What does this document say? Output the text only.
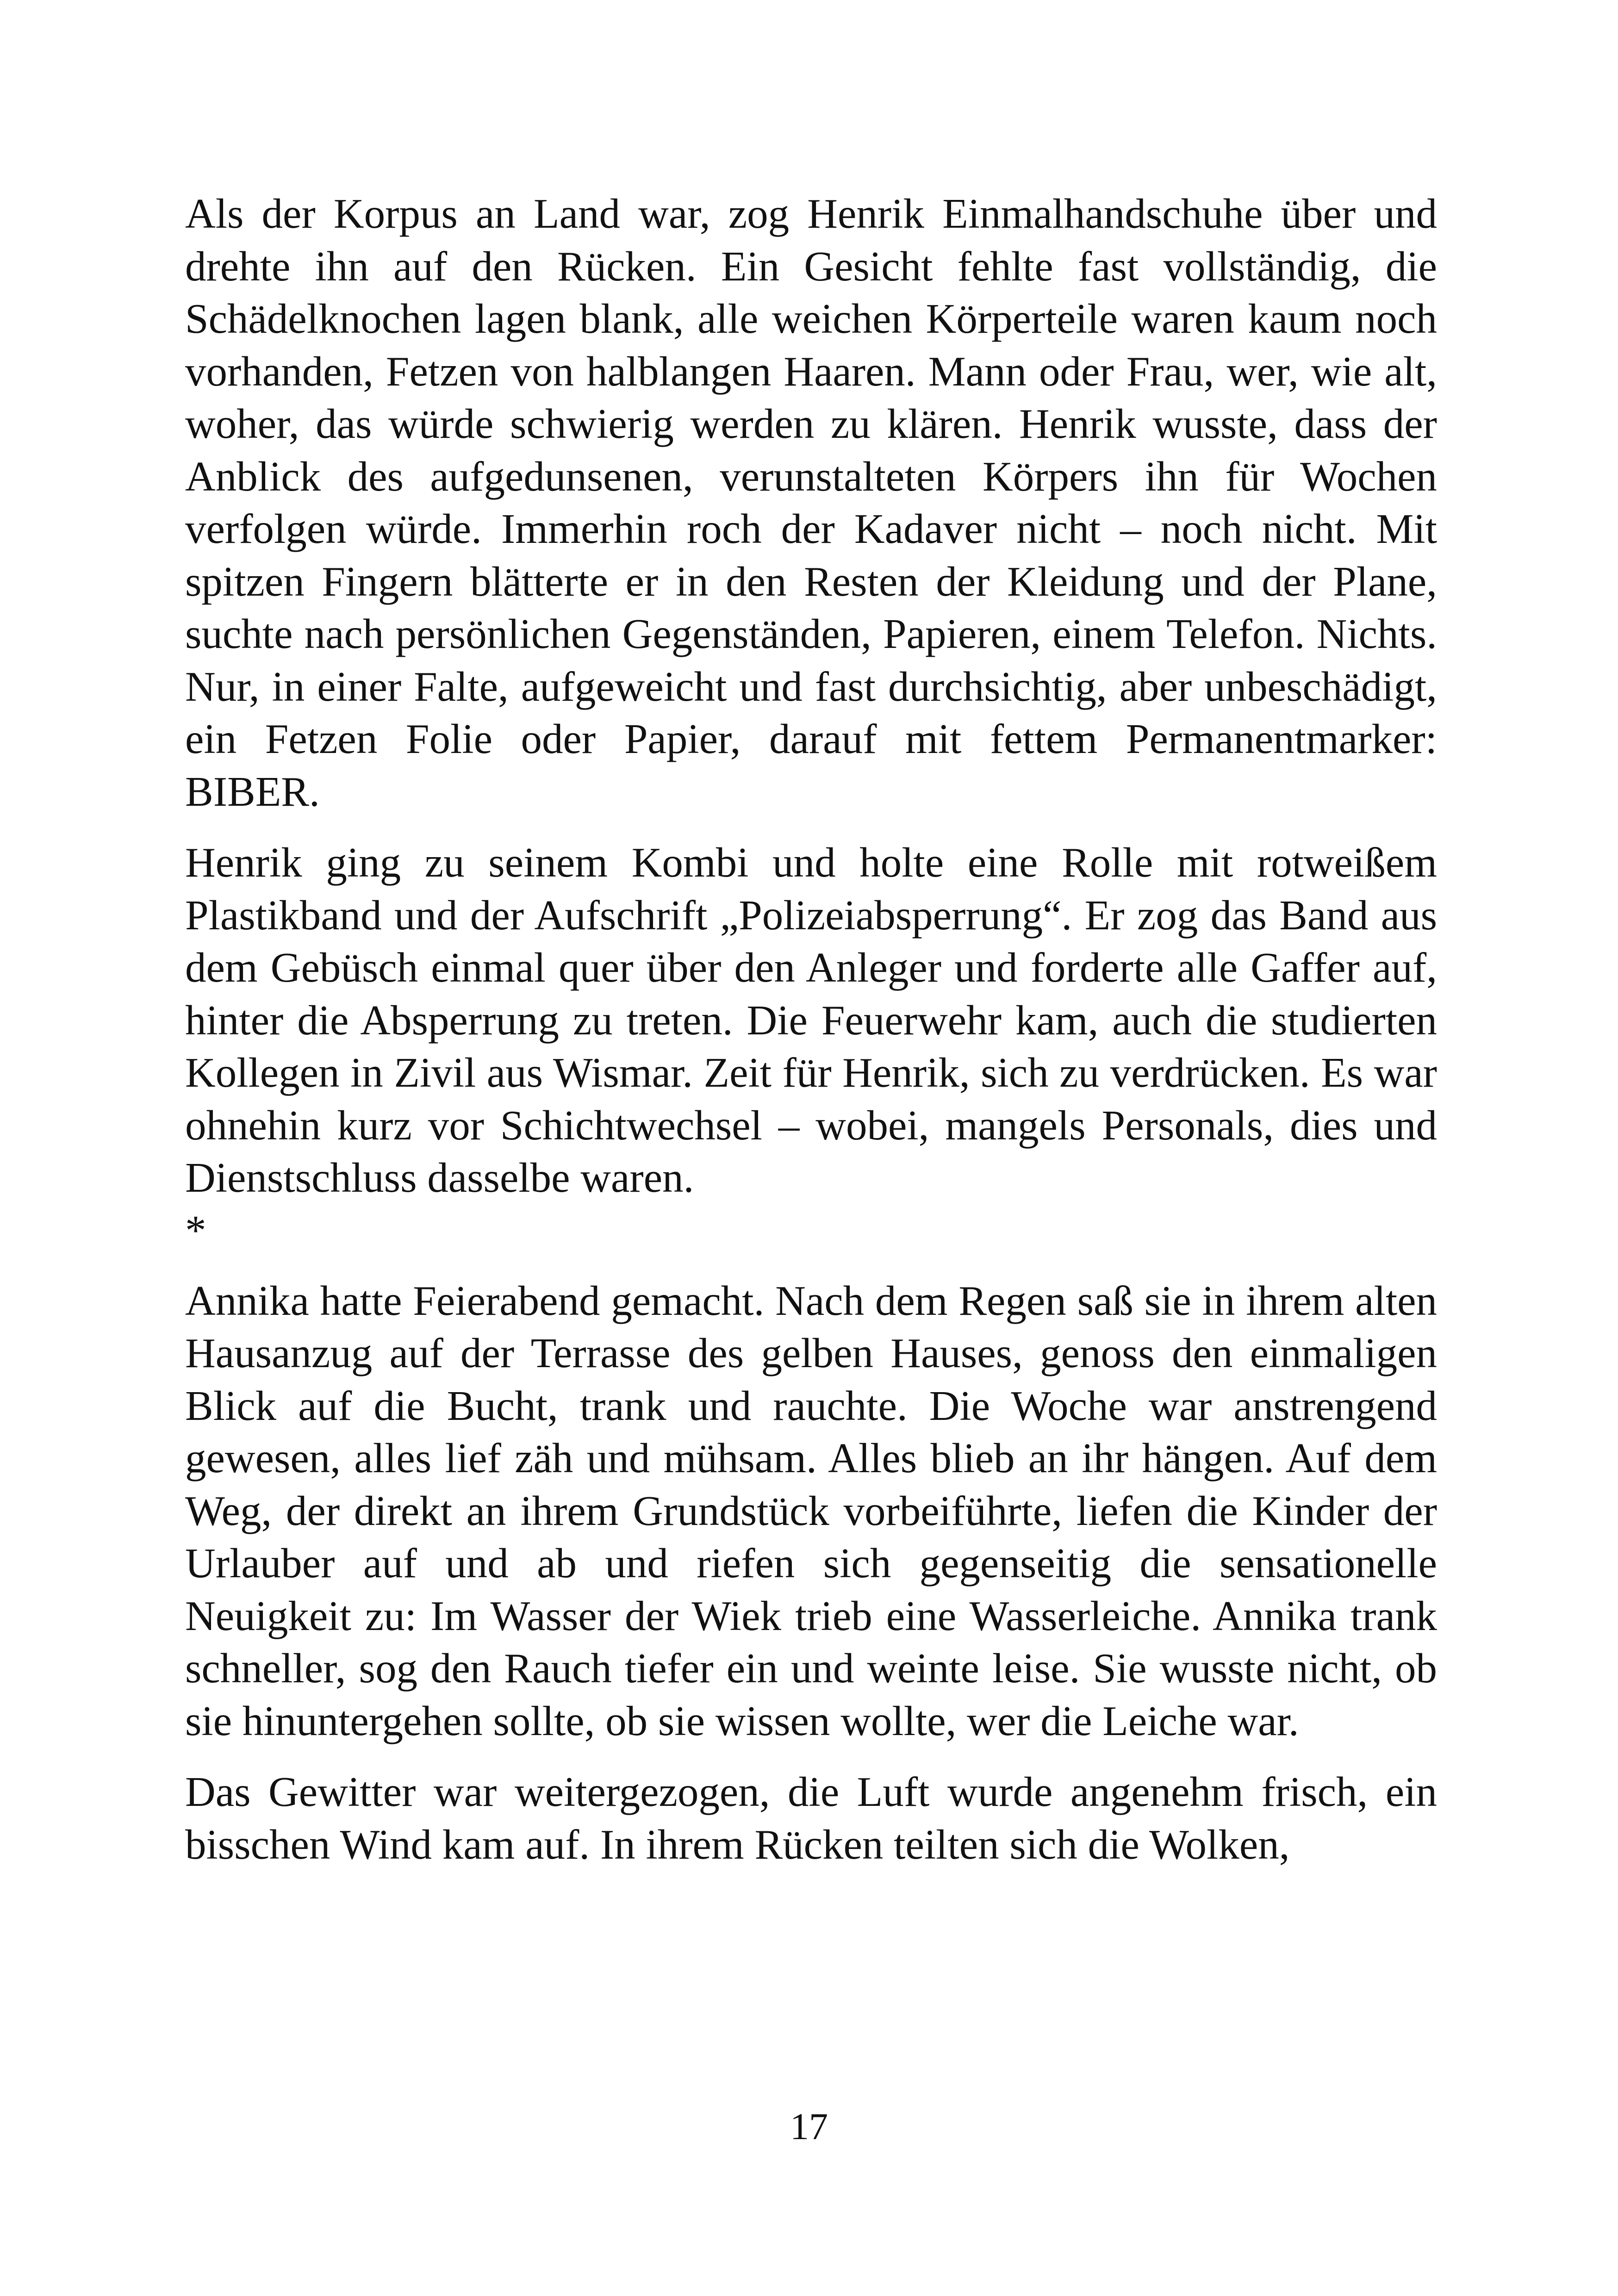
Als der Korpus an Land war, zog Henrik Einmalhandschuhe über und drehte ihn auf den Rücken. Ein Gesicht fehlte fast vollständig, die Schädelknochen lagen blank, alle weichen Körperteile waren kaum noch vorhanden, Fetzen von halblangen Haaren. Mann oder Frau, wer, wie alt, woher, das würde schwierig werden zu klären. Henrik wusste, dass der Anblick des aufgedunsenen, verunstalteten Körpers ihn für Wochen verfolgen würde. Immerhin roch der Kadaver nicht – noch nicht. Mit spitzen Fingern blätterte er in den Resten der Kleidung und der Plane, suchte nach persönlichen Gegenständen, Papieren, einem Telefon. Nichts. Nur, in einer Falte, aufgeweicht und fast durchsichtig, aber unbeschädigt, ein Fetzen Folie oder Papier, darauf mit fettem Permanentmarker: BIBER.

Henrik ging zu seinem Kombi und holte eine Rolle mit rotweißem Plastikband und der Aufschrift „Polizeiabsperrung“. Er zog das Band aus dem Gebüsch einmal quer über den Anleger und forderte alle Gaffer auf, hinter die Absperrung zu treten. Die Feuerwehr kam, auch die studierten Kollegen in Zivil aus Wismar. Zeit für Henrik, sich zu verdrücken. Es war ohnehin kurz vor Schichtwechsel – wobei, mangels Personals, dies und Dienstschluss dasselbe waren.

*

Annika hatte Feierabend gemacht. Nach dem Regen saß sie in ihrem alten Hausanzug auf der Terrasse des gelben Hauses, genoss den einmaligen Blick auf die Bucht, trank und rauchte. Die Woche war anstrengend gewesen, alles lief zäh und mühsam. Alles blieb an ihr hängen. Auf dem Weg, der direkt an ihrem Grundstück vorbeiführte, liefen die Kinder der Urlauber auf und ab und riefen sich gegenseitig die sensationelle Neuigkeit zu: Im Wasser der Wiek trieb eine Wasserleiche. Annika trank schneller, sog den Rauch tiefer ein und weinte leise. Sie wusste nicht, ob sie hinuntergehen sollte, ob sie wissen wollte, wer die Leiche war.

Das Gewitter war weitergezogen, die Luft wurde angenehm frisch, ein bisschen Wind kam auf. In ihrem Rücken teilten sich die Wolken,

17
